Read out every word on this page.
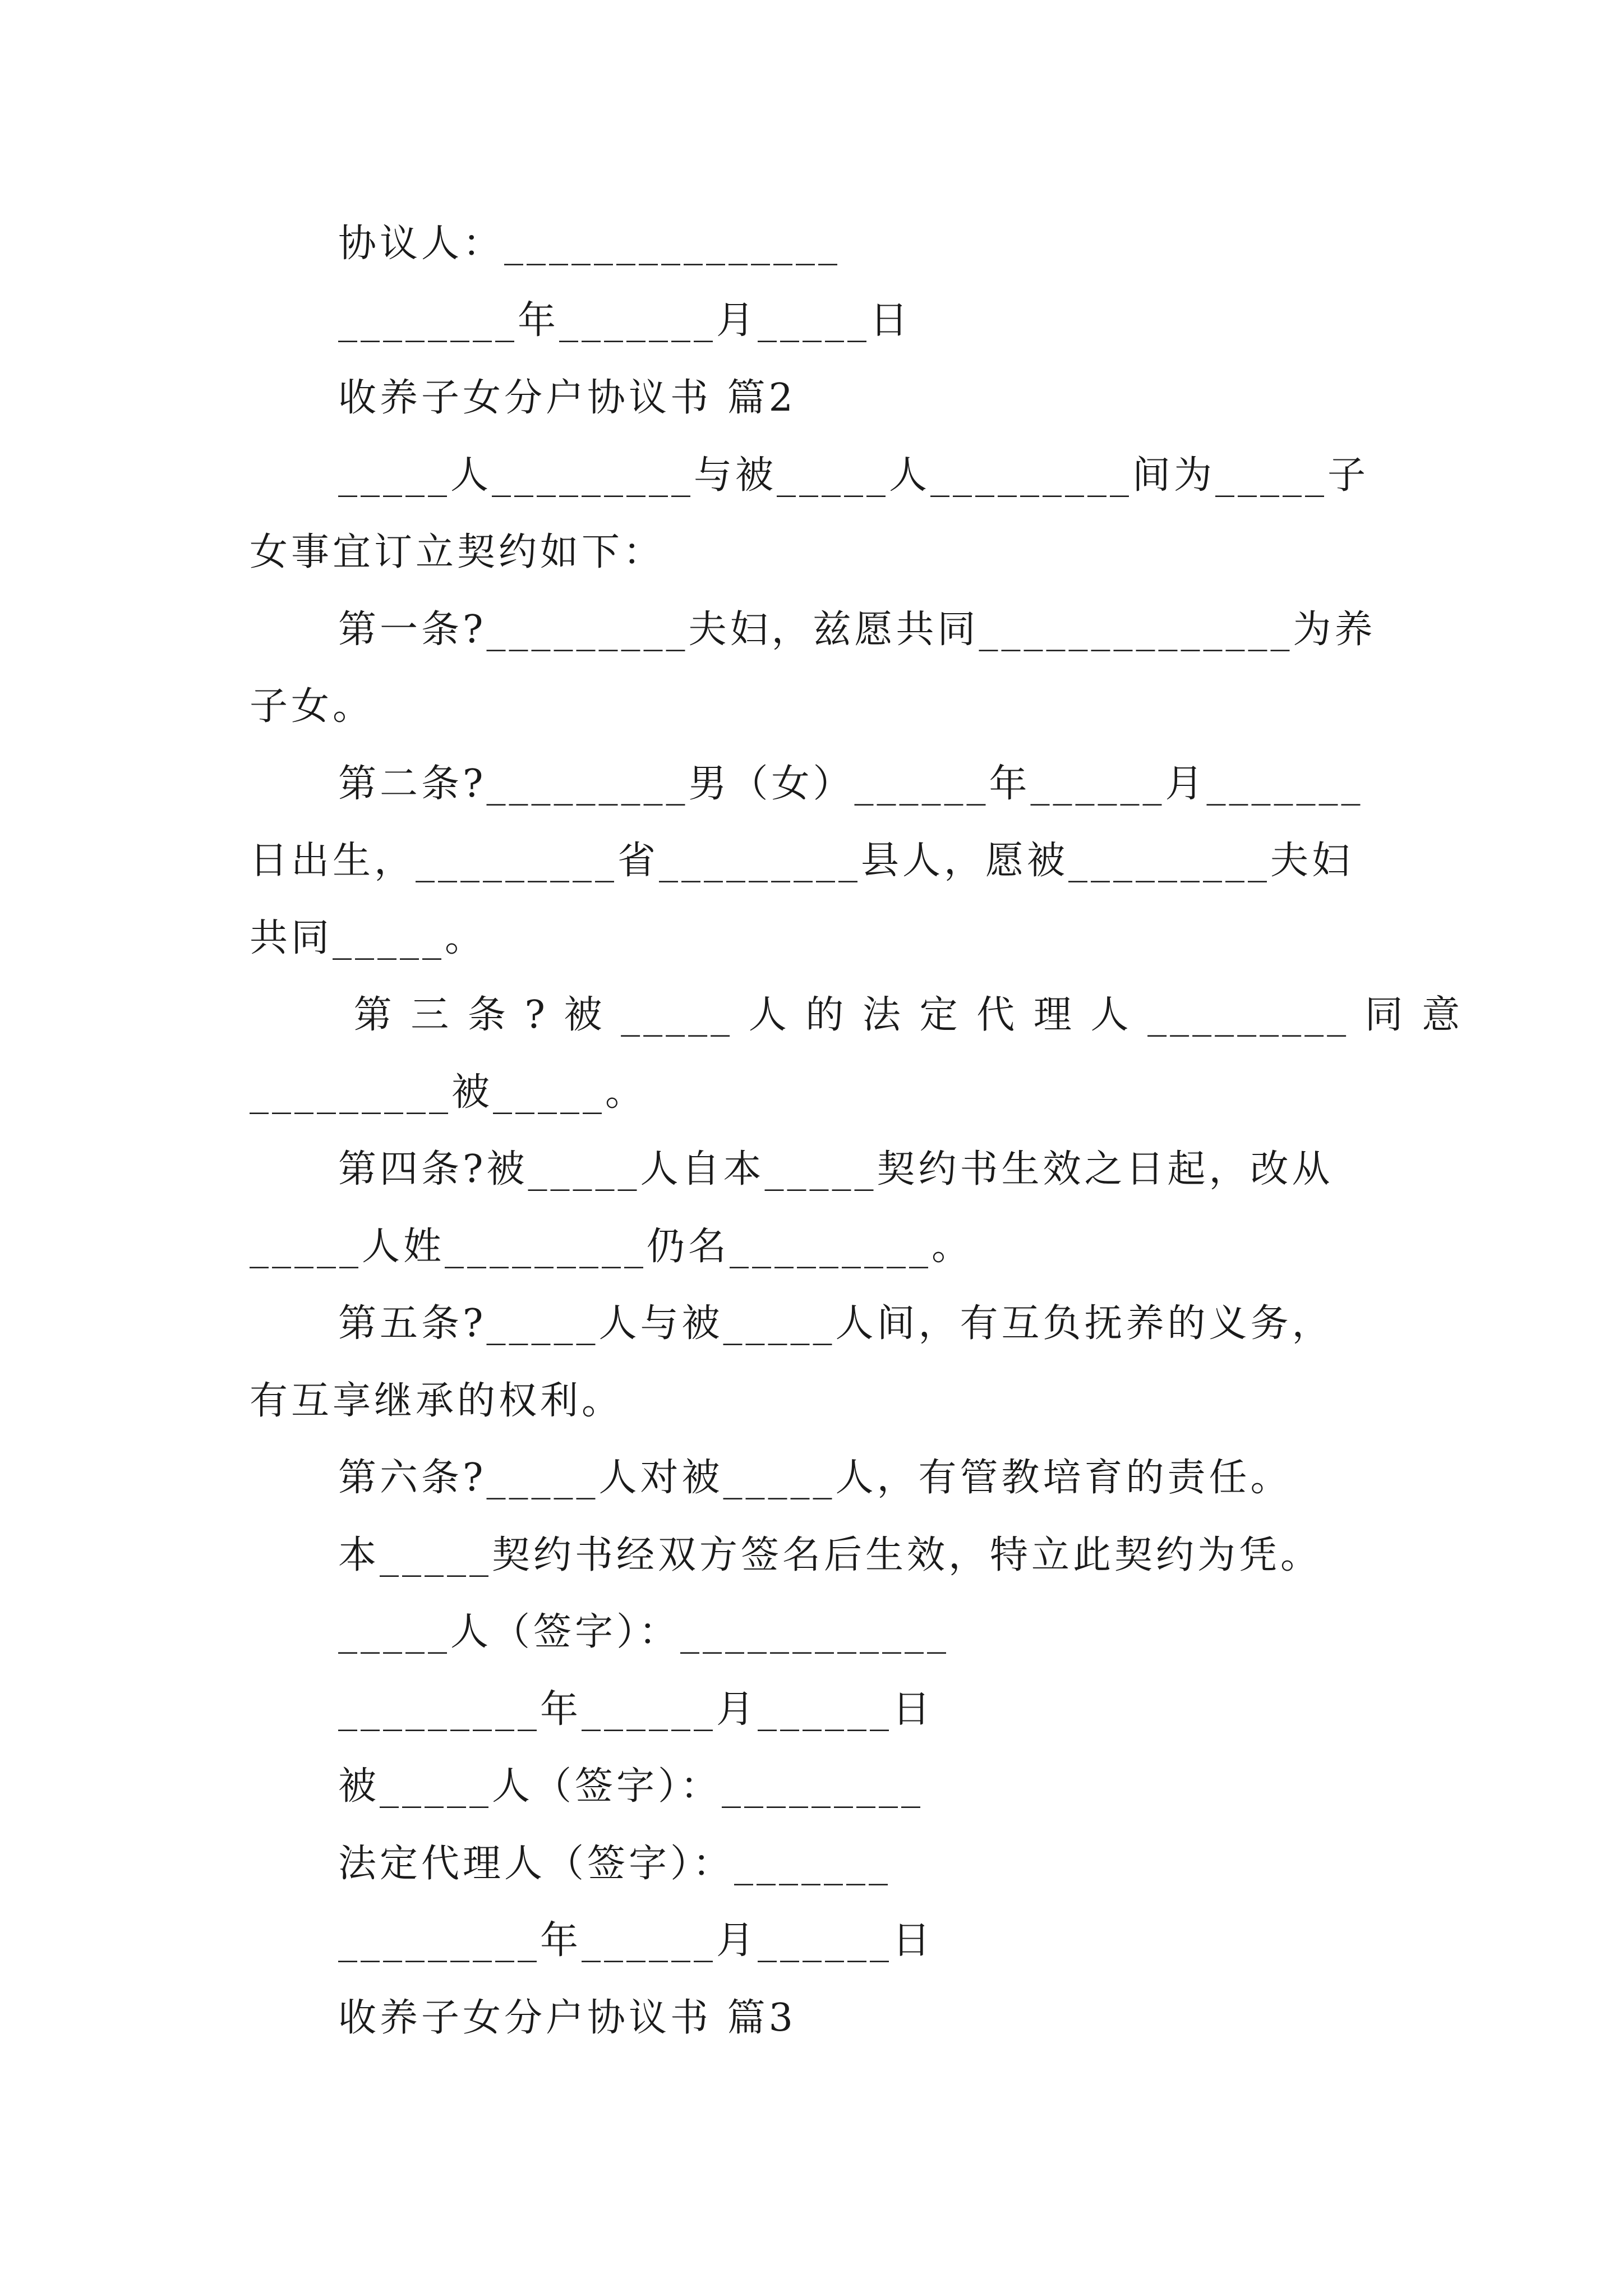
协议人：_______________
________年_______月_____日
收养子女分户协议书 篇2
_____人_________与被_____人_________间为_____子
女事宜订立契约如下：
第一条?_________夫妇，兹愿共同______________为养
子女。
第二条?_________男（女）______年______月_______
日出生，_________省_________县人，愿被_________夫妇
共同_____。
第 三 条 ? 被 _____ 人 的 法 定 代 理 人 _________ 同 意
_________被_____。
第四条?被_____人自本_____契约书生效之日起，改从
_____人姓_________仍名_________。
第五条?_____人与被_____人间，有互负抚养的义务，
有互享继承的权利。
第六条?_____人对被_____人，有管教培育的责任。
本_____契约书经双方签名后生效，特立此契约为凭。
_____人（签字）：____________
_________年______月______日
被_____人（签字）：_________
法定代理人（签字）：_______
_________年______月______日
收养子女分户协议书 篇3
